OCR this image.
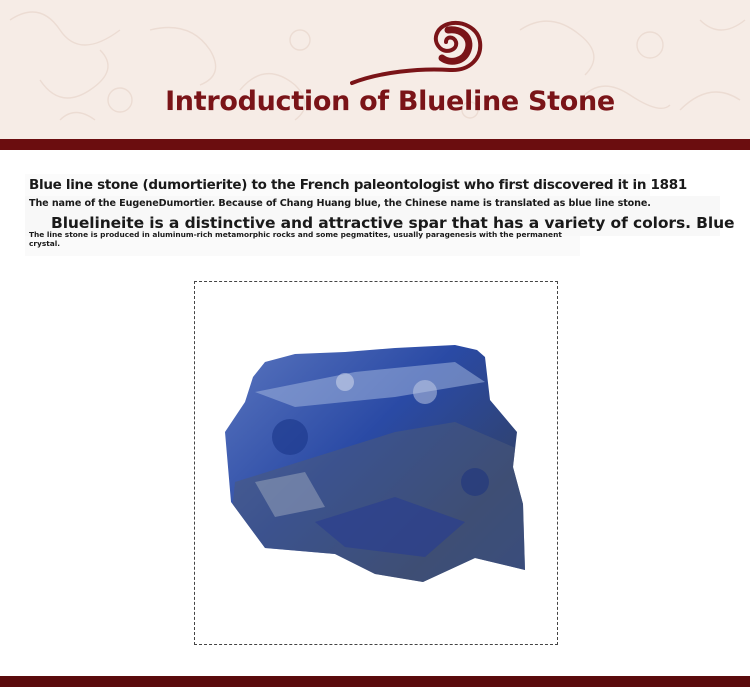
Introduction of Blueline Stone
Blue line stone (dumortierite) to the French paleontologist who first discovered it in 1881
The name of the EugeneDumortier. Because of Chang Huang blue, the Chinese name is translated as blue line stone.
The line stone is produced in aluminum-rich metamorphic rocks and some pegmatites, usually paragenesis with the permanent crystal.
Bluelineite is a distinctive and attractive spar that has a variety of colors. Blue
